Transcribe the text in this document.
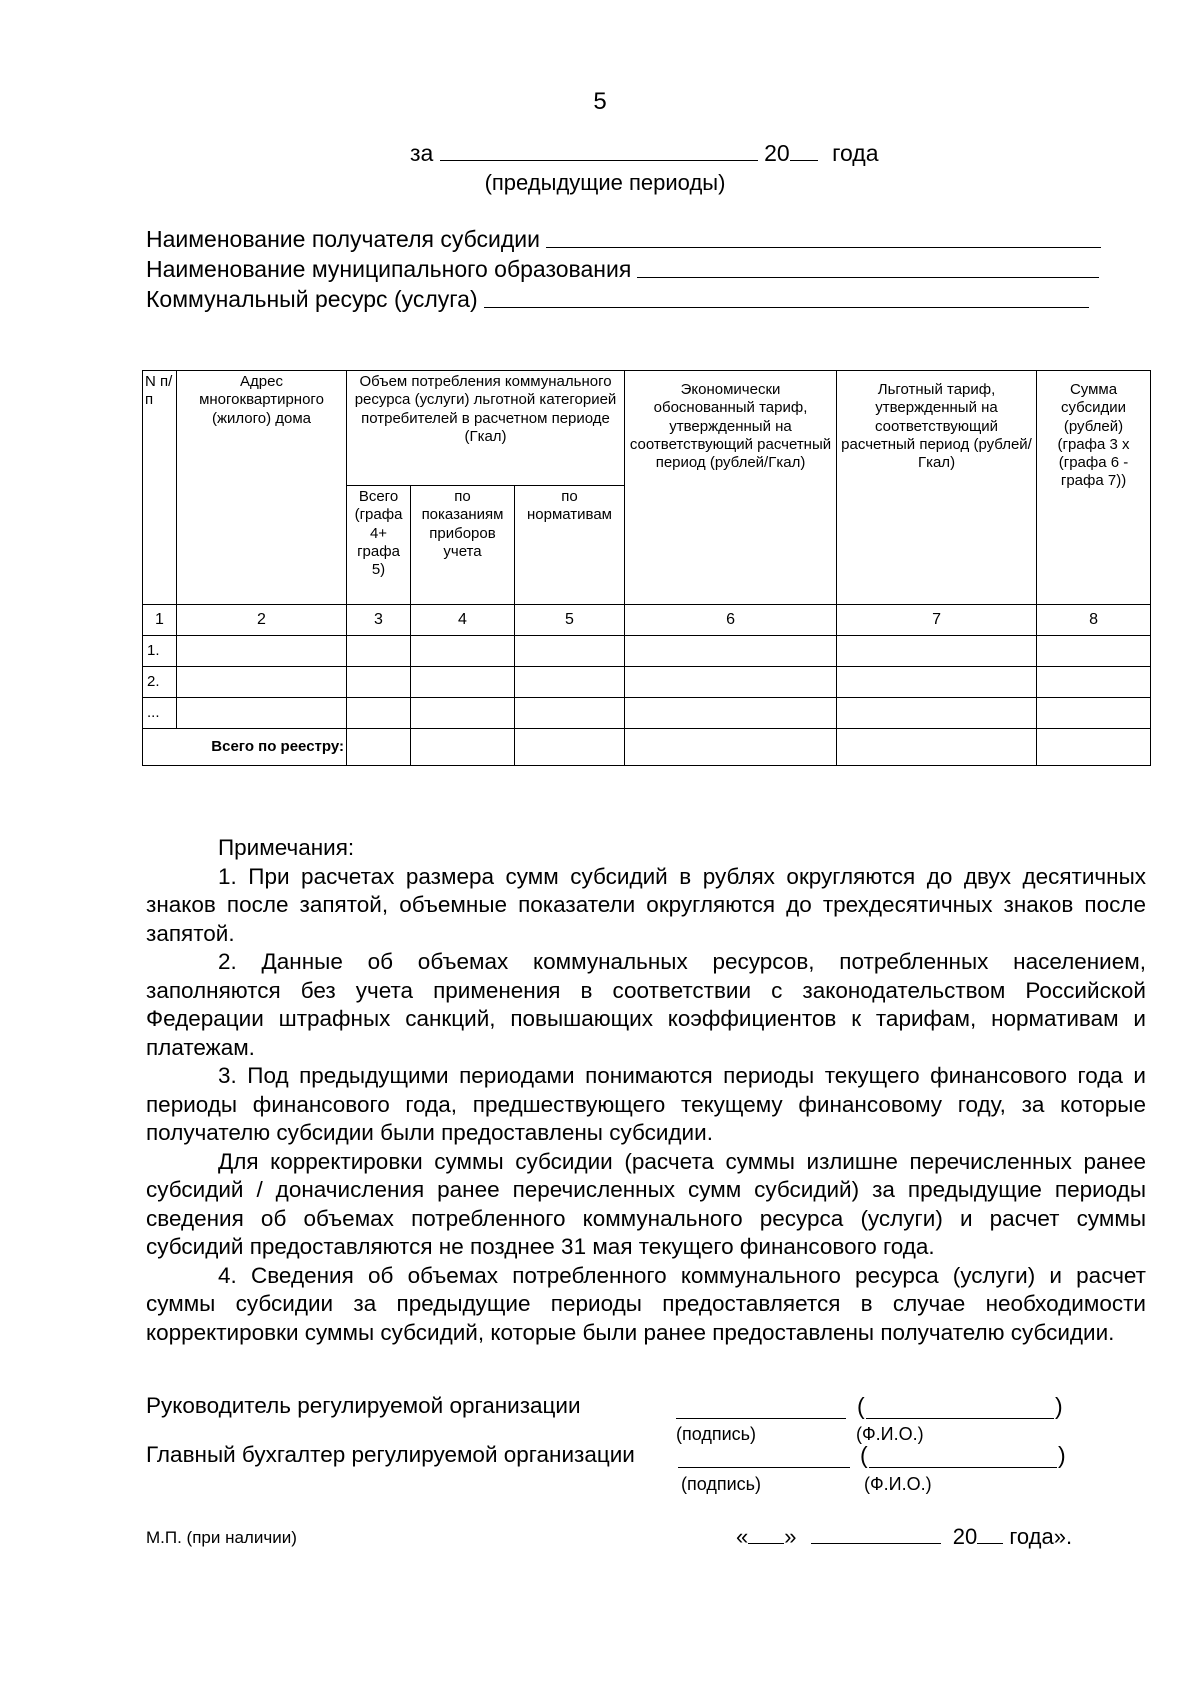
5
за	20 года
(предыдущие периоды)
Наименование получателя субсидии
Наименование муниципального образования
Коммунальный ресурс (услуга)
N п/п	Адрес многоквартирного (жилого) дома	Объем потребления коммунального ресурса (услуги) льготной категорией потребителей в расчетном периоде (Гкал)			Экономически обоснованный тариф, утвержденный на соответствующий расчетный период (рублей/Гкал)	Льготный тариф, утвержденный на соответствующий расчетный период (рублей/Гкал)	Сумма субсидии (рублей) (графа 3 х (графа 6 - графа 7))
		Всего (графа 4+ графа 5)	по показаниям приборов учета	по нормативам			
1	2	3	4	5	6	7	8
1.							
2.							
...							
Всего по реестру:							

Примечания:

1. При расчетах размера сумм субсидий в рублях округляются до двух десятичных знаков после запятой, объемные показатели округляются до трехдесятичных знаков после запятой.

2. Данные об объемах коммунальных ресурсов, потребленных населением, заполняются без учета применения в соответствии с законодательством Российской Федерации штрафных санкций, повышающих коэффициентов к тарифам, нормативам и платежам.

3. Под предыдущими периодами понимаются периоды текущего финансового года и периоды финансового года, предшествующего текущему финансовому году, за которые получателю субсидии были предоставлены субсидии.

Для корректировки суммы субсидии (расчета суммы излишне перечисленных ранее субсидий / доначисления ранее перечисленных сумм субсидий) за предыдущие периоды сведения об объемах потребленного коммунального ресурса (услуги) и расчет суммы субсидий предоставляются не позднее 31 мая текущего финансового года.

4. Сведения об объемах потребленного коммунального ресурса (услуги) и расчет суммы субсидии за предыдущие периоды предоставляется в случае необходимости корректировки суммы субсидий, которые были ранее предоставлены получателю субсидии.

Руководитель регулируемой организации	(	)
(подпись)	(Ф.И.О.)
Главный бухгалтер регулируемой организации	(	)
(подпись)	(Ф.И.О.)
М.П. (при наличии)	« »	20 года».
